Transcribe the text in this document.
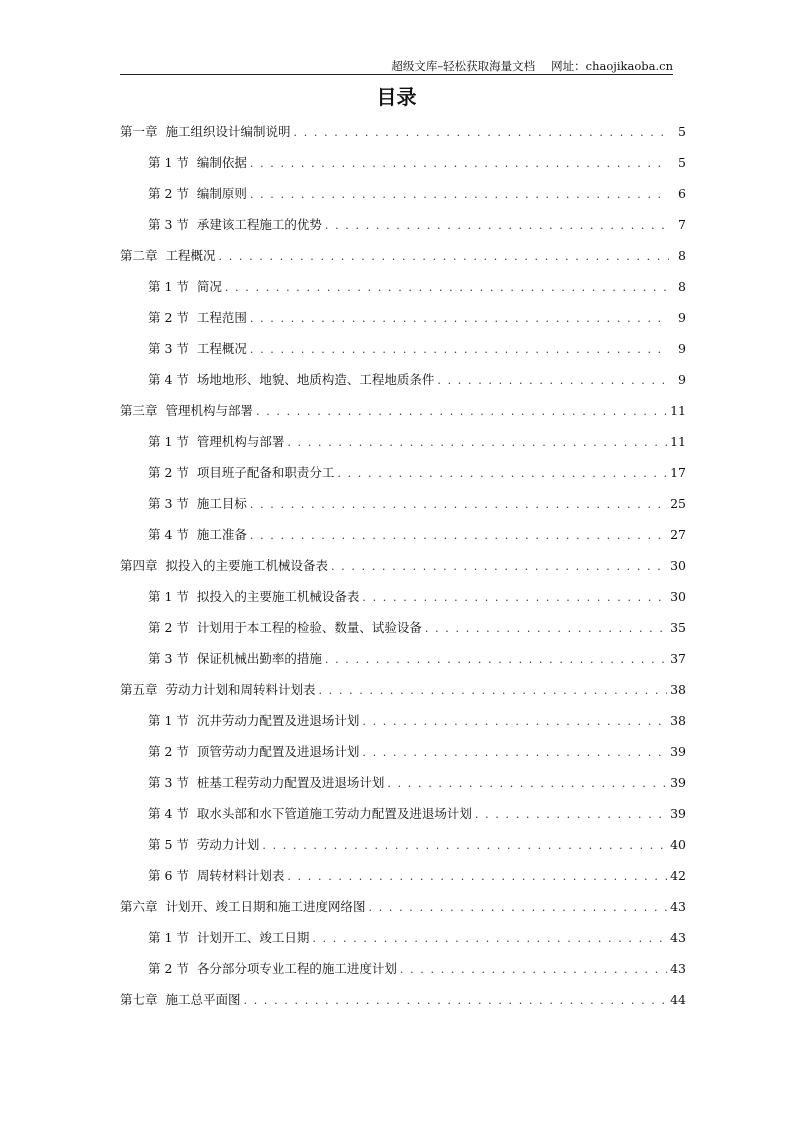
超级文库–轻松获取海量文档 网址：chaojikaoba.cn
目录
第一章 施工组织设计编制说明 . . .	5
第 1 节 编制依据 . . .	5
第 2 节 编制原则 . . .	6
第 3 节 承建该工程施工的优势 . . .	7
第二章 工程概况 . . .	8
第 1 节 简况 . . .	8
第 2 节 工程范围 . . .	9
第 3 节 工程概况 . . .	9
第 4 节 场地地形、地貌、地质构造、工程地质条件 . . .	9
第三章 管理机构与部署 . . .	11
第 1 节 管理机构与部署 . . .	11
第 2 节 项目班子配备和职责分工 . . .	17
第 3 节 施工目标 . . .	25
第 4 节 施工准备 . . .	27
第四章 拟投入的主要施工机械设备表 . . .	30
第 1 节 拟投入的主要施工机械设备表 . . .	30
第 2 节 计划用于本工程的检验、数量、试验设备 . . .	35
第 3 节 保证机械出勤率的措施 . . .	37
第五章 劳动力计划和周转料计划表 . . .	38
第 1 节 沉井劳动力配置及进退场计划 . . .	38
第 2 节 顶管劳动力配置及进退场计划 . . .	39
第 3 节 桩基工程劳动力配置及进退场计划 . . .	39
第 4 节 取水头部和水下管道施工劳动力配置及进退场计划 . . .	39
第 5 节 劳动力计划 . . .	40
第 6 节 周转材料计划表 . . .	42
第六章 计划开、竣工日期和施工进度网络图 . . .	43
第 1 节 计划开工、竣工日期 . . .	43
第 2 节 各分部分项专业工程的施工进度计划 . . .	43
第七章 施工总平面图 . . .	44
